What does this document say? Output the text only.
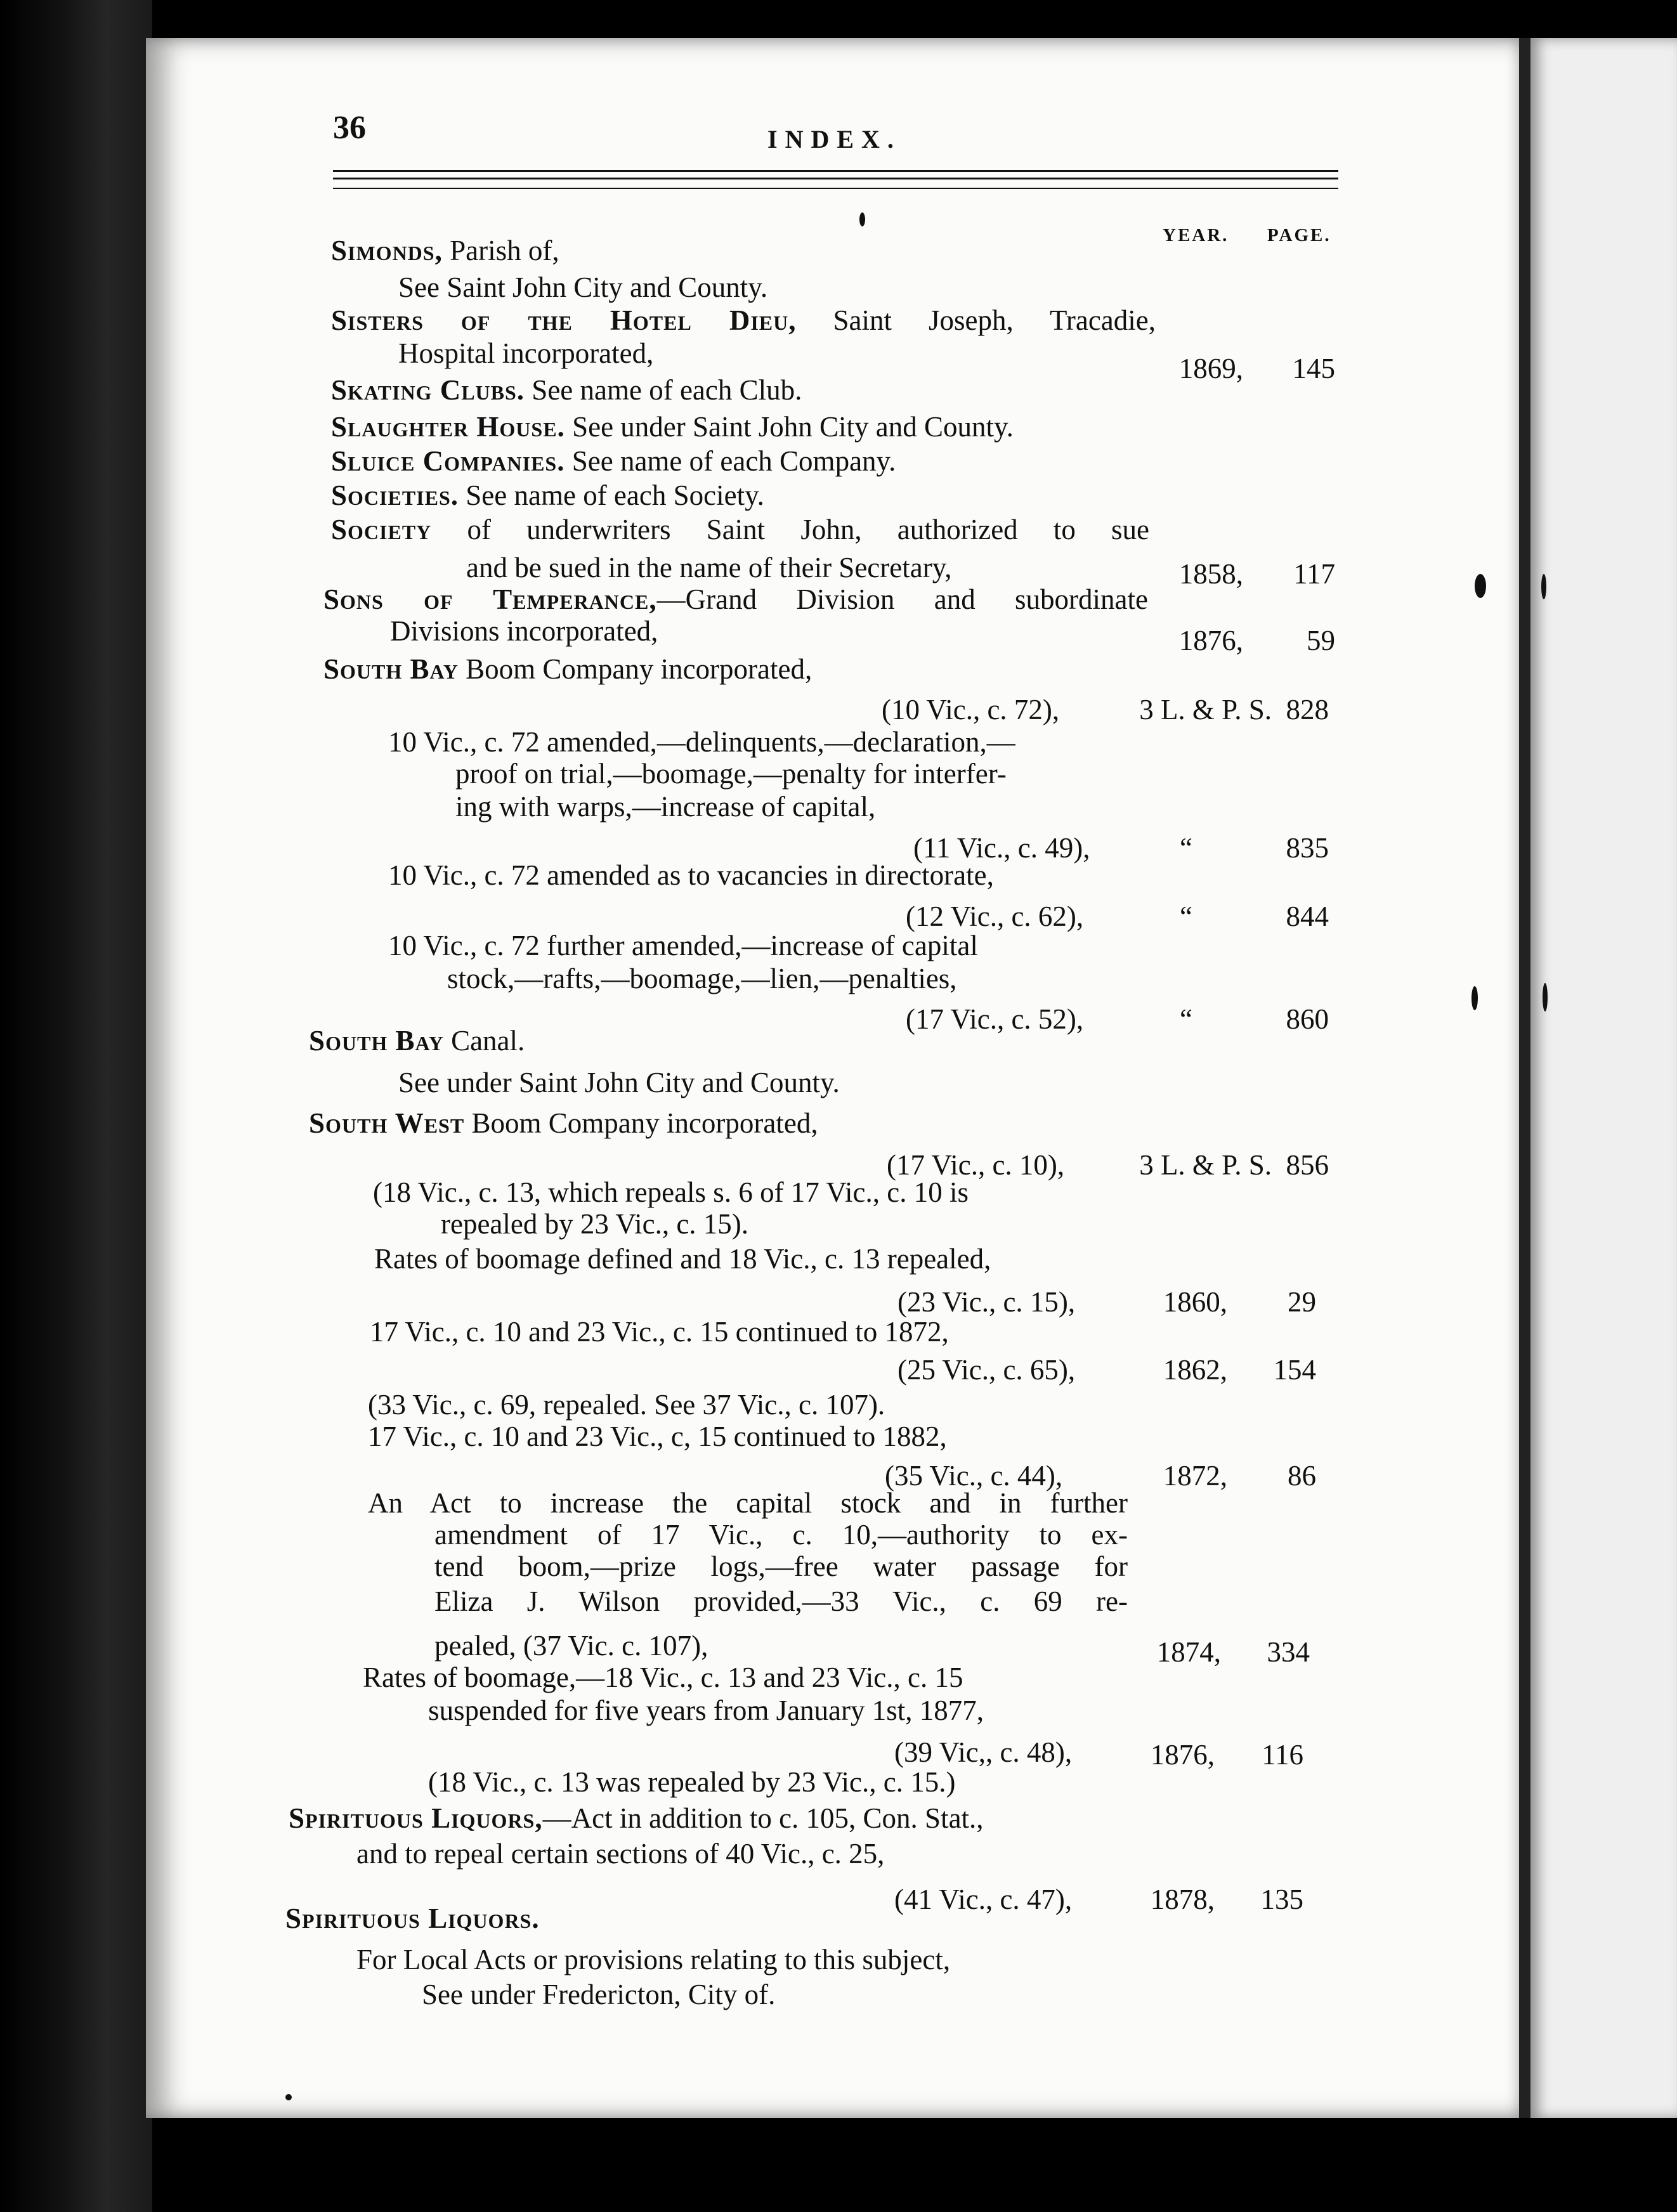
36	INDEX.
YEAR. PAGE.
Simonds, Parish of,
See Saint John City and County.
Sisters of the Hotel Dieu, Saint Joseph, Tracadie,
Hospital incorporated,	1869,	145
Skating Clubs. See name of each Club.
Slaughter House. See under Saint John City and County.
Sluice Companies. See name of each Company.
Societies. See name of each Society.
Society of underwriters Saint John, authorized to sue
and be sued in the name of their Secretary,	1858,	117
Sons of Temperance,—Grand Division and subordinate
Divisions incorporated,	1876,	59
South Bay Boom Company incorporated,
(10 Vic., c. 72),	3 L. & P. S. 828
10 Vic., c. 72 amended,—delinquents,—declaration,—
proof on trial,—boomage,—penalty for interfer-
ing with warps,—increase of capital,
(11 Vic., c. 49),	“	835
10 Vic., c. 72 amended as to vacancies in directorate,
(12 Vic., c. 62),	“	844
10 Vic., c. 72 further amended,—increase of capital
stock,—rafts,—boomage,—lien,—penalties,
(17 Vic., c. 52),	“	860
South Bay Canal.
See under Saint John City and County.
South West Boom Company incorporated,
(17 Vic., c. 10),	3 L. & P. S. 856
(18 Vic., c. 13, which repeals s. 6 of 17 Vic., c. 10 is
repealed by 23 Vic., c. 15).
Rates of boomage defined and 18 Vic., c. 13 repealed,
(23 Vic., c. 15),	1860,	29
17 Vic., c. 10 and 23 Vic., c. 15 continued to 1872,
(25 Vic., c. 65),	1862,	154
(33 Vic., c. 69, repealed. See 37 Vic., c. 107).
17 Vic., c. 10 and 23 Vic., c, 15 continued to 1882,
(35 Vic., c. 44),	1872,	86
An Act to increase the capital stock and in further
amendment of 17 Vic., c. 10,—authority to ex-
tend boom,—prize logs,—free water passage for
Eliza J. Wilson provided,—33 Vic., c. 69 re-
pealed, (37 Vic. c. 107),	1874,	334
Rates of boomage,—18 Vic., c. 13 and 23 Vic., c. 15
suspended for five years from January 1st, 1877,
(39 Vic,, c. 48),	1876,	116
(18 Vic., c. 13 was repealed by 23 Vic., c. 15.)
Spirituous Liquors,—Act in addition to c. 105, Con. Stat.,
and to repeal certain sections of 40 Vic., c. 25,
(41 Vic., c. 47),	1878,	135
Spirituous Liquors.
For Local Acts or provisions relating to this subject,
See under Fredericton, City of.
